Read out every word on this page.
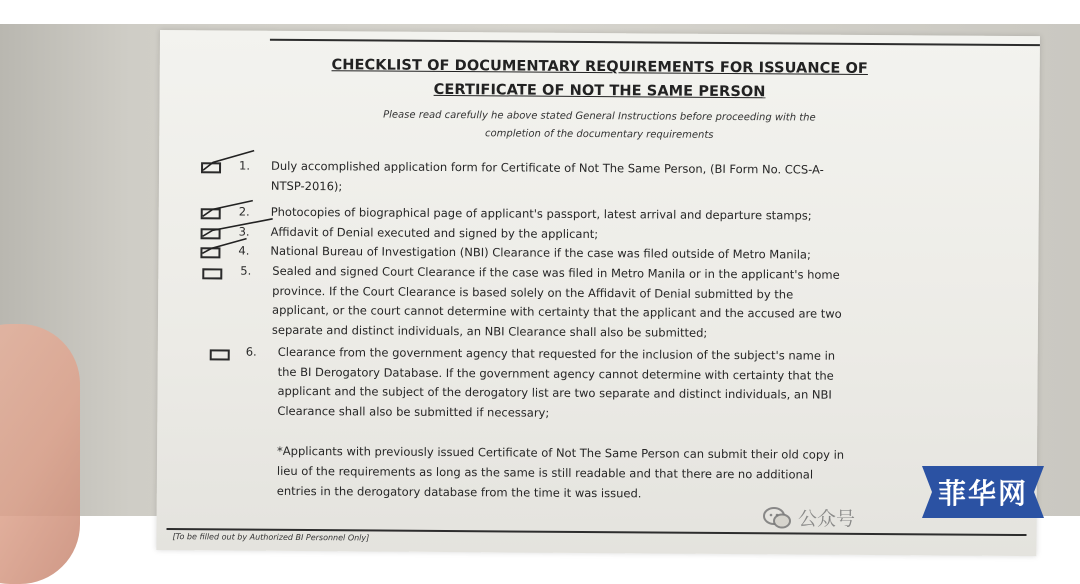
CHECKLIST OF DOCUMENTARY REQUIREMENTS FOR ISSUANCE OF
CERTIFICATE OF NOT THE SAME PERSON
Please read carefully he above stated General Instructions before proceeding with the
completion of the documentary requirements
1. Duly accomplished application form for Certificate of Not The Same Person, (BI Form No. CCS-A-
NTSP-2016);
2. Photocopies of biographical page of applicant's passport, latest arrival and departure stamps;
3. Affidavit of Denial executed and signed by the applicant;
4. National Bureau of Investigation (NBI) Clearance if the case was filed outside of Metro Manila;
5. Sealed and signed Court Clearance if the case was filed in Metro Manila or in the applicant's home
province. If the Court Clearance is based solely on the Affidavit of Denial submitted by the
applicant, or the court cannot determine with certainty that the applicant and the accused are two
separate and distinct individuals, an NBI Clearance shall also be submitted;
6. Clearance from the government agency that requested for the inclusion of the subject's name in
the BI Derogatory Database. If the government agency cannot determine with certainty that the
applicant and the subject of the derogatory list are two separate and distinct individuals, an NBI
Clearance shall also be submitted if necessary;
*Applicants with previously issued Certificate of Not The Same Person can submit their old copy in
lieu of the requirements as long as the same is still readable and that there are no additional
entries in the derogatory database from the time it was issued.
[To be filled out by Authorized BI Personnel Only]
公众号
菲华网
